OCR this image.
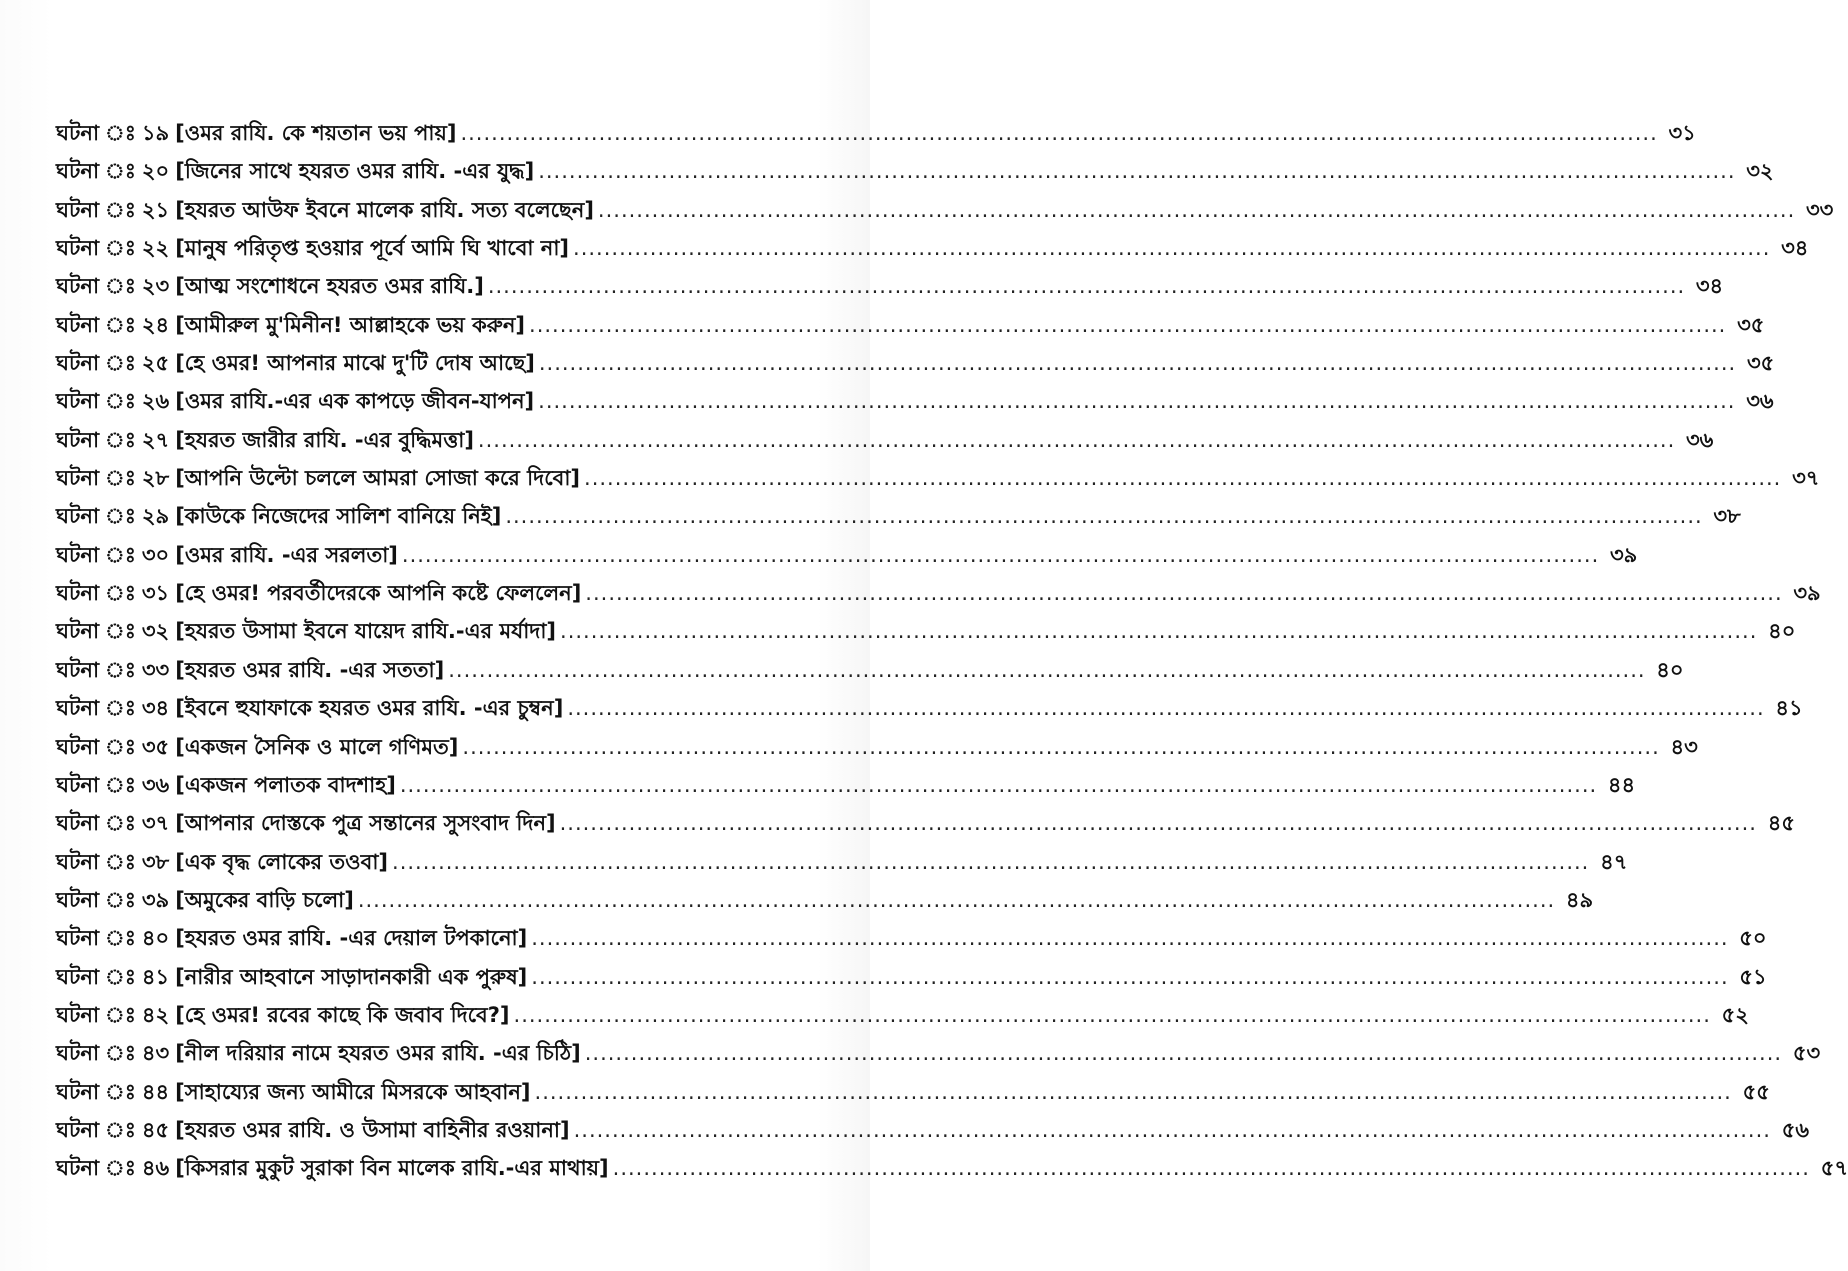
ঘটনা ঃ ১৯ [ওমর রাযি. কে শয়তান ভয় পায়] .....	৩১
ঘটনা ঃ ২০ [জিনের সাথে হযরত ওমর রাযি. -এর যুদ্ধ] .....	৩২
ঘটনা ঃ ২১ [হযরত আউফ ইবনে মালেক রাযি. সত্য বলেছেন] .....	৩৩
ঘটনা ঃ ২২ [মানুষ পরিতৃপ্ত হওয়ার পূর্বে আমি ঘি খাবো না] .....	৩৪
ঘটনা ঃ ২৩ [আত্ম সংশোধনে হযরত ওমর রাযি.] .....	৩৪
ঘটনা ঃ ২৪ [আমীরুল মু'মিনীন! আল্লাহকে ভয় করুন] .....	৩৫
ঘটনা ঃ ২৫ [হে ওমর! আপনার মাঝে দু'টি দোষ আছে] .....	৩৫
ঘটনা ঃ ২৬ [ওমর রাযি.-এর এক কাপড়ে জীবন-যাপন] .....	৩৬
ঘটনা ঃ ২৭ [হযরত জারীর রাযি. -এর বুদ্ধিমত্তা] .....	৩৬
ঘটনা ঃ ২৮ [আপনি উল্টো চললে আমরা সোজা করে দিবো] .....	৩৭
ঘটনা ঃ ২৯ [কাউকে নিজেদের সালিশ বানিয়ে নিই] .....	৩৮
ঘটনা ঃ ৩০ [ওমর রাযি. -এর সরলতা] .....	৩৯
ঘটনা ঃ ৩১ [হে ওমর! পরবর্তীদেরকে আপনি কষ্টে ফেললেন] .....	৩৯
ঘটনা ঃ ৩২ [হযরত উসামা ইবনে যায়েদ রাযি.-এর মর্যাদা] .....	৪০
ঘটনা ঃ ৩৩ [হযরত ওমর রাযি. -এর সততা] .....	৪০
ঘটনা ঃ ৩৪ [ইবনে হুযাফাকে হযরত ওমর রাযি. -এর চুম্বন] .....	৪১
ঘটনা ঃ ৩৫ [একজন সৈনিক ও মালে গণিমত] .....	৪৩
ঘটনা ঃ ৩৬ [একজন পলাতক বাদশাহ] .....	৪৪
ঘটনা ঃ ৩৭ [আপনার দোস্তকে পুত্র সন্তানের সুসংবাদ দিন] .....	৪৫
ঘটনা ঃ ৩৮ [এক বৃদ্ধ লোকের তওবা] .....	৪৭
ঘটনা ঃ ৩৯ [অমুকের বাড়ি চলো] .....	৪৯
ঘটনা ঃ ৪০ [হযরত ওমর রাযি. -এর দেয়াল টপকানো] .....	৫০
ঘটনা ঃ ৪১ [নারীর আহবানে সাড়াদানকারী এক পুরুষ] .....	৫১
ঘটনা ঃ ৪২ [হে ওমর! রবের কাছে কি জবাব দিবে?] .....	৫২
ঘটনা ঃ ৪৩ [নীল দরিয়ার নামে হযরত ওমর রাযি. -এর চিঠি] .....	৫৩
ঘটনা ঃ ৪৪ [সাহায্যের জন্য আমীরে মিসরকে আহবান] .....	৫৫
ঘটনা ঃ ৪৫ [হযরত ওমর রাযি. ও উসামা বাহিনীর রওয়ানা] .....	৫৬
ঘটনা ঃ ৪৬ [কিসরার মুকুট সুরাকা বিন মালেক রাযি.-এর মাথায়] .....	৫৭
